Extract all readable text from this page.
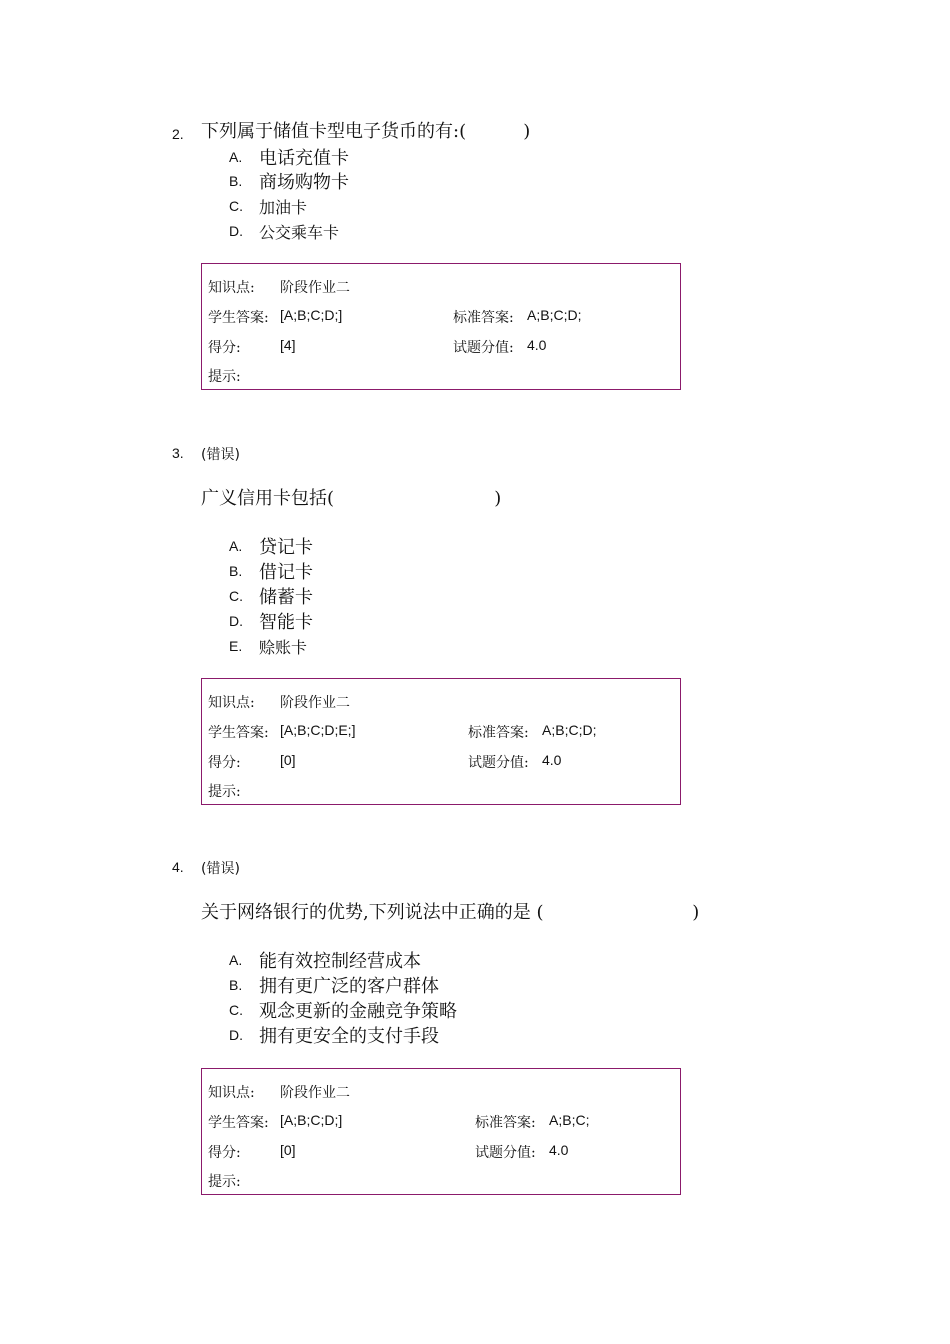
2. 下列属于储值卡型电子货币的有:(          )
A. 电话充值卡
B. 商场购物卡
C. 加油卡
D. 公交乘车卡
知识点: 阶段作业二
学生答案: [A;B;C;D;]	标准答案: A;B;C;D;
得分:	[4]	试题分值: 4.0
提示:
3. (错误)
广义信用卡包括(                            )
A. 贷记卡
B. 借记卡
C. 储蓄卡
D. 智能卡
E. 赊账卡
知识点: 阶段作业二
学生答案: [A;B;C;D;E;]	标准答案: A;B;C;D;
得分:	[0]	试题分值: 4.0
提示:
4. (错误)
关于网络银行的优势,下列说法中正确的是 (                          )
A. 能有效控制经营成本
B. 拥有更广泛的客户群体
C. 观念更新的金融竞争策略
D. 拥有更安全的支付手段
知识点: 阶段作业二
学生答案: [A;B;C;D;]	标准答案: A;B;C;
得分:	[0]	试题分值: 4.0
提示:
